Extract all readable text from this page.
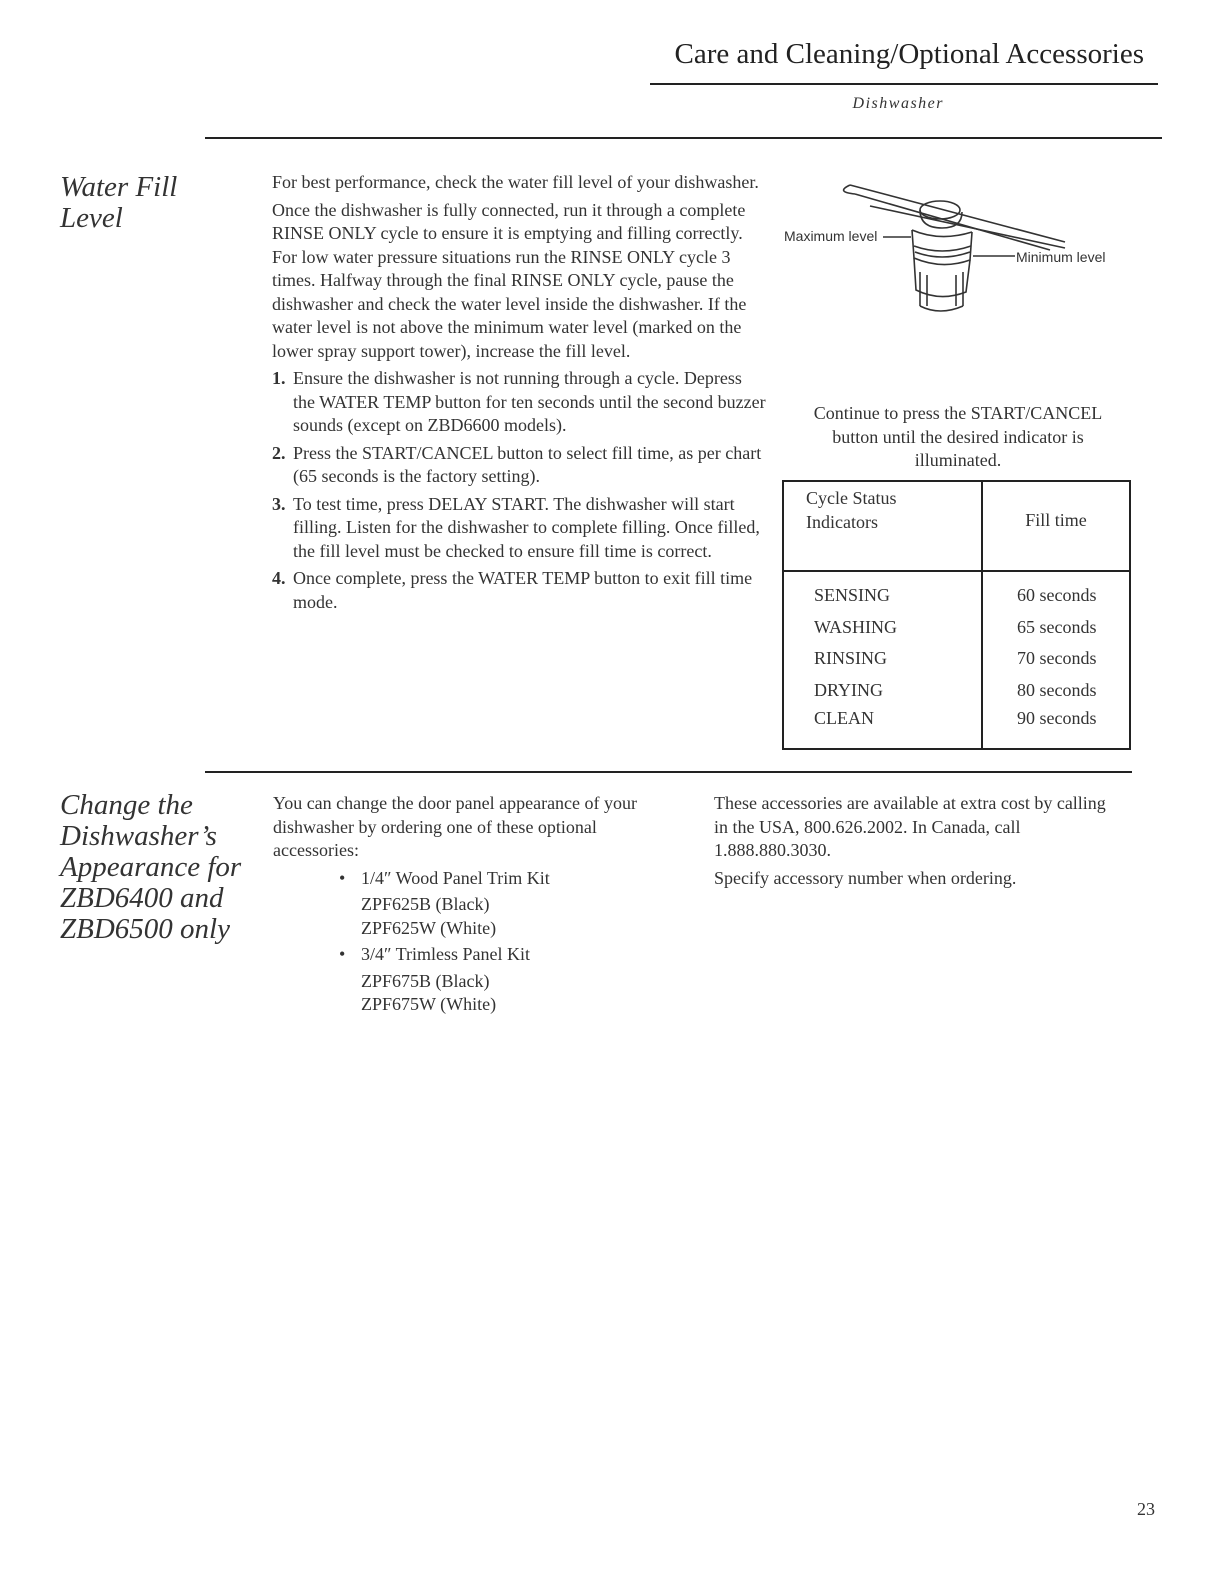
Care and Cleaning/Optional Accessories
Dishwasher
Water Fill
Level

For best performance, check the water fill level of your dishwasher.

Once the dishwasher is fully connected, run it through a complete RINSE ONLY cycle to ensure it is emptying and filling correctly. For low water pressure situations run the RINSE ONLY cycle 3 times. Halfway through the final RINSE ONLY cycle, pause the dishwasher and check the water level inside the dishwasher. If the water level is not above the minimum water level (marked on the lower spray support tower), increase the fill level.

1. Ensure the dishwasher is not running through a cycle. Depress the WATER TEMP button for ten seconds until the second buzzer sounds (except on ZBD6600 models).
2. Press the START/CANCEL button to select fill time, as per chart (65 seconds is the factory setting).
3. To test time, press DELAY START. The dishwasher will start filling. Listen for the dishwasher to complete filling. Once filled, the fill level must be checked to ensure fill time is correct.
4. Once complete, press the WATER TEMP button to exit fill time mode.
Maximum level
Minimum level
Continue to press the START/CANCEL button until the desired indicator is illuminated.
Cycle Status Indicators	Fill time
SENSING	60 seconds
WASHING	65 seconds
RINSING	70 seconds
DRYING	80 seconds
CLEAN	90 seconds
Change the
Dishwasher’s
Appearance for
ZBD6400 and
ZBD6500 only

You can change the door panel appearance of your dishwasher by ordering one of these optional accessories:

• 1/4″ Wood Panel Trim Kit
ZPF625B (Black)
ZPF625W (White)
• 3/4″ Trimless Panel Kit
ZPF675B (Black)
ZPF675W (White)

These accessories are available at extra cost by calling in the USA, 800.626.2002. In Canada, call 1.888.880.3030.

Specify accessory number when ordering.

23
